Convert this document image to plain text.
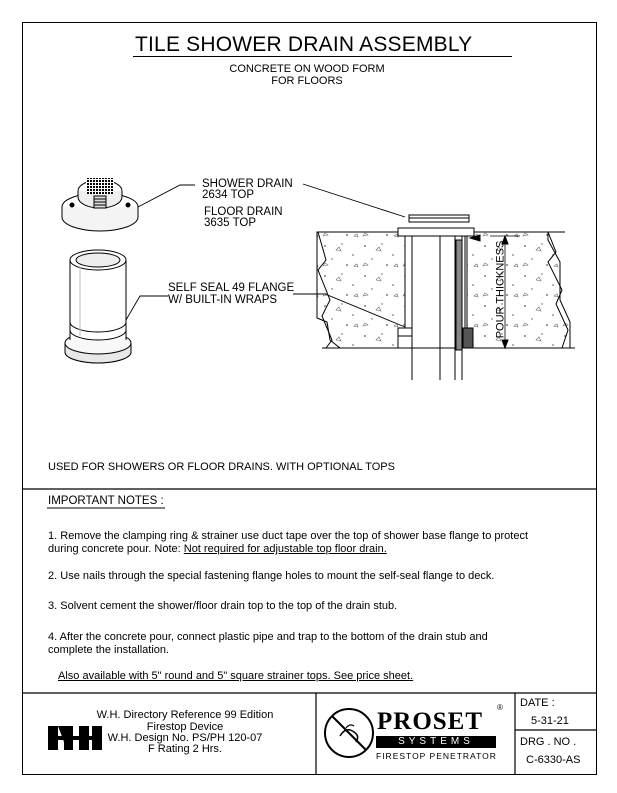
TILE SHOWER DRAIN ASSEMBLY
CONCRETE ON WOOD FORM
FOR FLOORS
SHOWER DRAIN
2634 TOP
FLOOR DRAIN
3635 TOP
SELF SEAL 49 FLANGE
W/ BUILT-IN WRAPS	POUR THICKNESS
USED FOR SHOWERS OR FLOOR DRAINS. WITH OPTIONAL TOPS
IMPORTANT NOTES :
1. Remove the clamping ring & strainer use duct tape over the top of shower base flange to protect during concrete pour. Note: Not required for adjustable top floor drain.
2. Use nails through the special fastening flange holes to mount the self-seal flange to deck.
3. Solvent cement the shower/floor drain top to the top of the drain stub.
4. After the concrete pour, connect plastic pipe and trap to the bottom of the drain stub and complete the installation.
Also available with 5" round and 5" square strainer tops. See price sheet.
W.H. Directory Reference 99 Edition
Firestop Device
W.H. Design No. PS/PH 120-07
F Rating 2 Hrs.
PROSET
®
SYSTEMS
FIRESTOP PENETRATOR
DATE :
5-31-21
DRG . NO .
C-6330-AS
